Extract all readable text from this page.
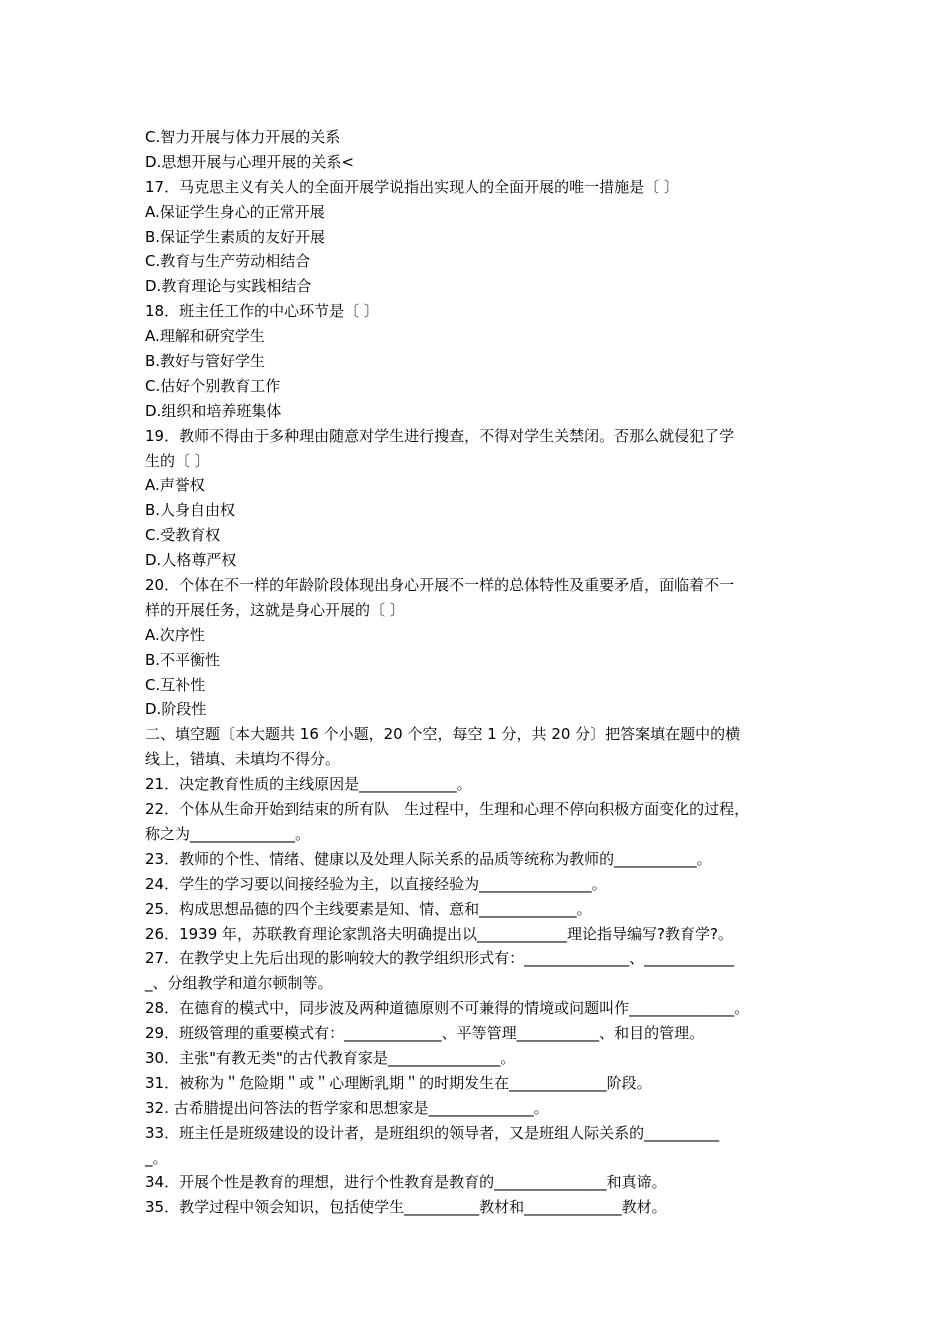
C.智力开展与体力开展的关系
D.思想开展与心理开展的关系<
17．马克思主义有关人的全面开展学说指出实现人的全面开展的唯一措施是〔 〕
A.保证学生身心的正常开展
B.保证学生素质的友好开展
C.教育与生产劳动相结合
D.教育理论与实践相结合
18．班主任工作的中心环节是〔 〕
A.理解和研究学生
B.教好与管好学生
C.估好个别教育工作
D.组织和培养班集体
19．教师不得由于多种理由随意对学生进行搜查，不得对学生关禁闭。否那么就侵犯了学
生的〔 〕
A.声誉权
B.人身自由权
C.受教育权
D.人格尊严权
20．个体在不一样的年龄阶段体现出身心开展不一样的总体特性及重要矛盾，面临着不一
样的开展任务，这就是身心开展的〔 〕
A.次序性
B.不平衡性
C.互补性
D.阶段性
二、填空题〔本大题共 16 个小题，20 个空，每空 1 分，共 20 分〕把答案填在题中的横
线上，错填、未填均不得分。
21．决定教育性质的主线原因是_____________。
22．个体从生命开始到结束的所有队　生过程中，生理和心理不停向积极方面变化的过程，
称之为______________。
23．教师的个性、情绪、健康以及处理人际关系的品质等统称为教师的___________。
24．学生的学习要以间接经验为主，以直接经验为_______________。
25．构成思想品德的四个主线要素是知、情、意和_____________。
26．1939 年，苏联教育理论家凯洛夫明确提出以____________理论指导编写?教育学?。
27．在教学史上先后出现的影响较大的教学组织形式有：______________、____________
_、分组教学和道尔顿制等。
28．在德育的模式中，同步波及两种道德原则不可兼得的情境或问题叫作______________。
29．班级管理的重要模式有：_____________、平等管理___________、和目的管理。
30．主张"有教无类"的古代教育家是_______________。
31．被称为＂危险期＂或＂心理断乳期＂的时期发生在_____________阶段。
32. 古希腊提出问答法的哲学家和思想家是______________。
33．班主任是班级建设的设计者，是班组织的领导者，又是班组人际关系的__________
_。
34．开展个性是教育的理想，进行个性教育是教育的_______________和真谛。
35．教学过程中领会知识，包括使学生__________教材和_____________教材。
